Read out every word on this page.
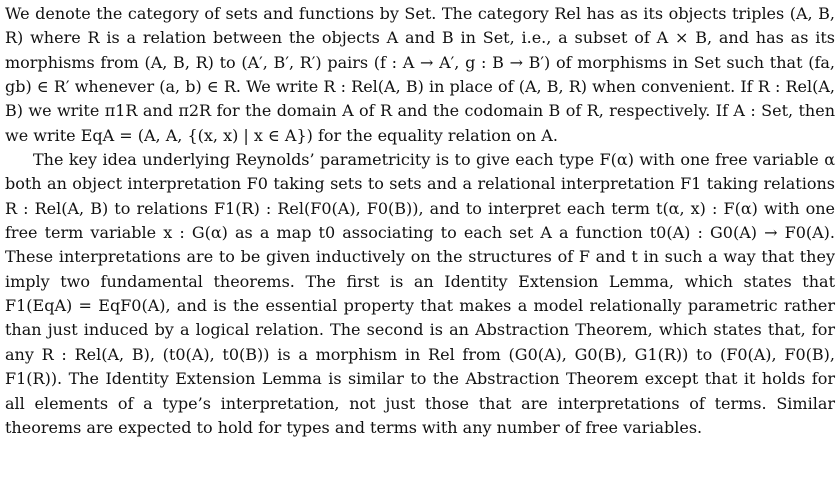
We denote the category of sets and functions by Set. The category Rel has as its objects triples (A, B, R) where R is a relation between the objects A and B in Set, i.e., a subset of A × B, and has as its morphisms from (A, B, R) to (A′, B′, R′) pairs (f : A → A′, g : B → B′) of morphisms in Set such that (fa, gb) ∈ R′ whenever (a, b) ∈ R. We write R : Rel(A, B) in place of (A, B, R) when convenient. If R : Rel(A, B) we write π1R and π2R for the domain A of R and the codomain B of R, respectively. If A : Set, then we write EqA = (A, A, {(x, x) | x ∈ A}) for the equality relation on A.

The key idea underlying Reynolds’ parametricity is to give each type F(α) with one free variable α both an object interpretation F0 taking sets to sets and a relational interpretation F1 taking relations R : Rel(A, B) to relations F1(R) : Rel(F0(A), F0(B)), and to interpret each term t(α, x) : F(α) with one free term variable x : G(α) as a map t0 associating to each set A a function t0(A) : G0(A) → F0(A). These interpretations are to be given inductively on the structures of F and t in such a way that they imply two fundamental theorems. The first is an Identity Extension Lemma, which states that F1(EqA) = EqF0(A), and is the essential property that makes a model relationally parametric rather than just induced by a logical relation. The second is an Abstraction Theorem, which states that, for any R : Rel(A, B), (t0(A), t0(B)) is a morphism in Rel from (G0(A), G0(B), G1(R)) to (F0(A), F0(B), F1(R)). The Identity Extension Lemma is similar to the Abstraction Theorem except that it holds for all elements of a type’s interpretation, not just those that are interpretations of terms. Similar theorems are expected to hold for types and terms with any number of free variables.
